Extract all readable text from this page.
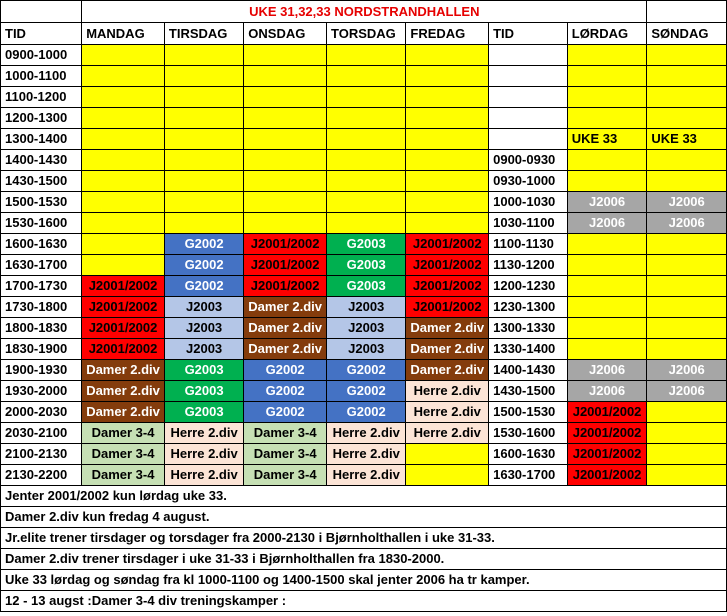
	UKE 31,32,33 NORDSTRANDHALLEN							
TID	MANDAG	TIRSDAG	ONSDAG	TORSDAG	FREDAG	TID	LØRDAG	SØNDAG
0900-1000								
1000-1100								
1100-1200								
1200-1300								
1300-1400							UKE 33	UKE 33
1400-1430						0900-0930		
1430-1500						0930-1000		
1500-1530						1000-1030	J2006	J2006
1530-1600						1030-1100	J2006	J2006
1600-1630		G2002	J2001/2002	G2003	J2001/2002	1100-1130		
1630-1700		G2002	J2001/2002	G2003	J2001/2002	1130-1200		
1700-1730	J2001/2002	G2002	J2001/2002	G2003	J2001/2002	1200-1230		
1730-1800	J2001/2002	J2003	Damer 2.div	J2003	J2001/2002	1230-1300		
1800-1830	J2001/2002	J2003	Damer 2.div	J2003	Damer 2.div	1300-1330		
1830-1900	J2001/2002	J2003	Damer 2.div	J2003	Damer 2.div	1330-1400		
1900-1930	Damer 2.div	G2003	G2002	G2002	Damer 2.div	1400-1430	J2006	J2006
1930-2000	Damer 2.div	G2003	G2002	G2002	Herre 2.div	1430-1500	J2006	J2006
2000-2030	Damer 2.div	G2003	G2002	G2002	Herre 2.div	1500-1530	J2001/2002	
2030-2100	Damer 3-4	Herre 2.div	Damer 3-4	Herre 2.div	Herre 2.div	1530-1600	J2001/2002	
2100-2130	Damer 3-4	Herre 2.div	Damer 3-4	Herre 2.div		1600-1630	J2001/2002	
2130-2200	Damer 3-4	Herre 2.div	Damer 3-4	Herre 2.div		1630-1700	J2001/2002	
Jenter 2001/2002 kun lørdag uke 33.								
Damer 2.div kun fredag 4 august.								
Jr.elite trener tirsdager og torsdager fra 2000-2130 i Bjørnholthallen i uke 31-33.								
Damer 2.div trener tirsdager i uke 31-33 i Bjørnholthallen fra 1830-2000.								
Uke 33 lørdag og søndag fra kl 1000-1100 og 1400-1500 skal jenter 2006 ha tr kamper.								
12 - 13 augst :Damer 3-4 div treningskamper :								
